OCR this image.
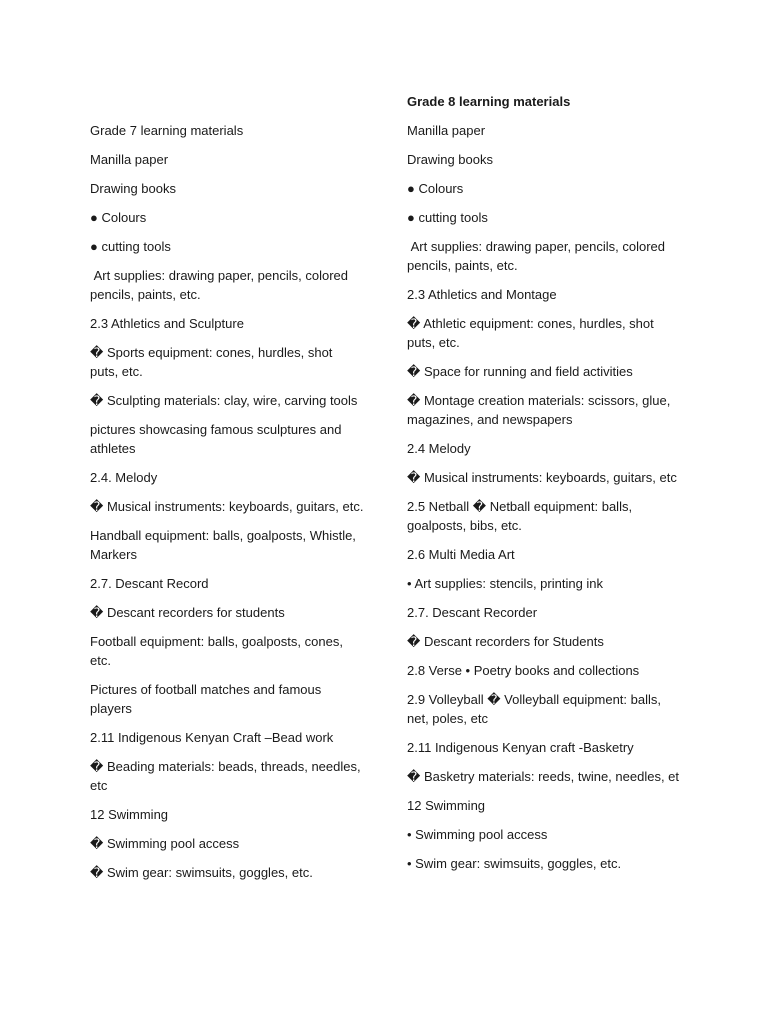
Grade 7 learning materials

Manilla paper

Drawing books

● Colours

● cutting tools

Art supplies: drawing paper, pencils, colored pencils, paints, etc.

2.3 Athletics and Sculpture

� Sports equipment: cones, hurdles, shot puts, etc.

� Sculpting materials: clay, wire, carving tools

pictures showcasing famous sculptures and athletes

2.4. Melody

� Musical instruments: keyboards, guitars, etc.

Handball equipment: balls, goalposts, Whistle, Markers

2.7. Descant Record

� Descant recorders for students

Football equipment: balls, goalposts, cones, etc.

Pictures of football matches and famous players

2.11 Indigenous Kenyan Craft –Bead work

� Beading materials: beads, threads, needles, etc

12 Swimming

� Swimming pool access

� Swim gear: swimsuits, goggles, etc.

Grade 8 learning materials

Manilla paper

Drawing books

● Colours

● cutting tools

Art supplies: drawing paper, pencils, colored pencils, paints, etc.

2.3 Athletics and Montage

� Athletic equipment: cones, hurdles, shot puts, etc.

� Space for running and field activities

� Montage creation materials: scissors, glue, magazines, and newspapers

2.4 Melody

� Musical instruments: keyboards, guitars, etc

2.5 Netball � Netball equipment: balls, goalposts, bibs, etc.

2.6 Multi Media Art

• Art supplies: stencils, printing ink

2.7. Descant Recorder

� Descant recorders for Students

2.8 Verse • Poetry books and collections

2.9 Volleyball � Volleyball equipment: balls, net, poles, etc

2.11 Indigenous Kenyan craft -Basketry

� Basketry materials: reeds, twine, needles, et

12 Swimming

• Swimming pool access

• Swim gear: swimsuits, goggles, etc.
